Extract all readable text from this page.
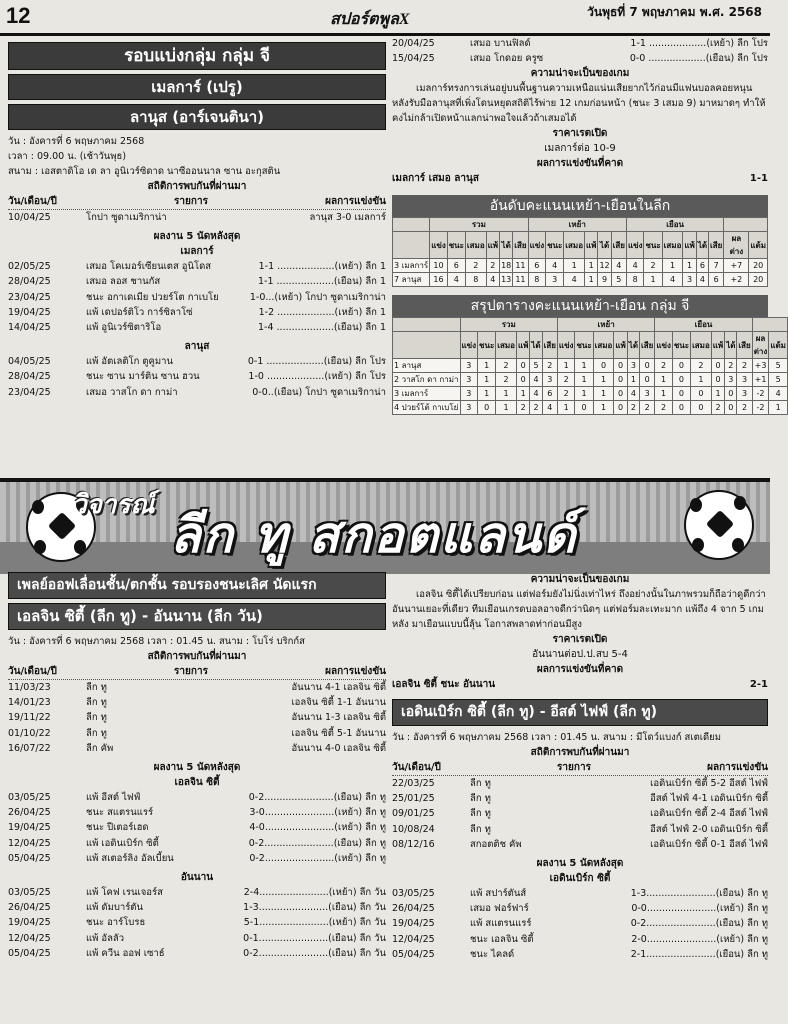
12	สปอร์ตพูลX	วันพุธที่ 7 พฤษภาคม พ.ศ. 2568
รอบแบ่งกลุ่ม กลุ่ม จี
เมลการ์ (เปรู)
ลานุส (อาร์เจนตินา)
วัน : อังคารที่ 6 พฤษภาคม 2568
เวลา : 09.00 น. (เช้าวันพุธ)
สนาม : เอสตาดิโอ เด ลา อูนิเวร์ซิดาด นาซีออนนาล ซาน อะกุสติน
สถิติการพบกันที่ผ่านมา
วัน/เดือน/ปี	รายการ	ผลการแข่งขัน
10/04/25	โกปา ซูดาเมริกาน่า	ลานุส 3-0 เมลการ์
ผลงาน 5 นัดหลังสุด
เมลการ์
02/05/25	เสมอ โคเมอร์เซียนเตส อูนิโดส	1-1 ...................(เหย้า) ลีก 1
28/04/25	เสมอ ลอส ชานกัส	1-1 ...................(เยือน) ลีก 1
23/04/25	ชนะ อกาเดเมีย ปวยร์โต กาเบโย	1-0...(เหย้า) โกปา ซูดาเมริกาน่า
19/04/25	แพ้ เดปอร์ติโว การ์ซิลาโซ่	1-2 ...................(เหย้า) ลีก 1
14/04/25	แพ้ อูนิเวร์ซิตาริโอ	1-4 ...................(เยือน) ลีก 1
ลานุส
04/05/25	แพ้ อัตเลติโก ตูคูมาน	0-1 ...................(เยือน) ลีก โปร
28/04/25	ชนะ ซาน มาร์ติน ซาน ฮวน	1-0 ...................(เหย้า) ลีก โปร
23/04/25	เสมอ วาสโก ดา กาม่า	0-0..(เยือน) โกปา ซูดาเมริกาน่า
20/04/25	เสมอ บานฟิลด์	1-1 ...................(เหย้า) ลีก โปร
15/04/25	เสมอ โกดอย ครูซ	0-0 ...................(เยือน) ลีก โปร
ความน่าจะเป็นของเกม
เมลการ์ทรงการเล่นอยู่บนพื้นฐานความเหนือแน่นเสียยากไว้ก่อนมีแฟนบอลคอยหนุนหลังรับมือลานุสที่เพิ่งโดนหยุดสถิติไร้พ่าย 12 เกมก่อนหน้า (ชนะ 3 เสมอ 9) มาหมาดๆ ทำให้คงไม่กล้าเปิดหน้าแลกน่าพอใจแล้วถ้าเสมอได้
ราคาเรตเปิด
เมลการ์ต่อ 10-9
ผลการแข่งขันที่คาด
เมลการ์ เสมอ ลานุส	1-1
อันดับคะแนนเหย้า-เยือนในลีก
	รวม						เหย้า						เยือน							
	แข่ง	ชนะ	เสมอ	แพ้	ได้	เสีย	แข่ง	ชนะ	เสมอ	แพ้	ได้	เสีย	แข่ง	ชนะ	เสมอ	แพ้	ได้	เสีย	ผลต่าง	แต้ม
3 เมลการ์	10	6	2	2	18	11	6	4	1	1	12	4	4	2	1	1	6	7	+7	20
7 ลานุส	16	4	8	4	13	11	8	3	4	1	9	5	8	1	4	3	4	6	+2	20
สรุปตารางคะแนนเหย้า-เยือน กลุ่ม จี
	รวม						เหย้า						เยือน							
	แข่ง	ชนะ	เสมอ	แพ้	ได้	เสีย	แข่ง	ชนะ	เสมอ	แพ้	ได้	เสีย	แข่ง	ชนะ	เสมอ	แพ้	ได้	เสีย	ผลต่าง	แต้ม
1 ลานุส	3	1	2	0	5	2	1	1	0	0	3	0	2	0	2	0	2	2	+3	5
2 วาสโก ดา กาม่า	3	1	2	0	4	3	2	1	1	0	1	0	1	0	1	0	3	3	+1	5
3 เมลการ์	3	1	1	1	4	6	2	1	1	0	4	3	1	0	0	1	0	3	-2	4
4 ปวยร์โต้ กาเบโย่	3	0	1	2	2	4	1	0	1	0	2	2	2	0	0	2	0	2	-2	1
วิจารณ์
ลีก ทู สกอตแลนด์
เพลย์ออฟเลื่อนชั้น/ตกชั้น รอบรองชนะเลิศ นัดแรก
เอลจิน ซิตี้ (ลีก ทู) - อันนาน (ลีก วัน)
วัน : อังคารที่ 6 พฤษภาคม 2568 เวลา : 01.45 น. สนาม : โบโร่ บริกก์ส
สถิติการพบกันที่ผ่านมา
วัน/เดือน/ปี	รายการ	ผลการแข่งขัน
11/03/23	ลีก ทู	อันนาน 4-1 เอลจิน ซิตี้
14/01/23	ลีก ทู	เอลจิน ซิตี้ 1-1 อันนาน
19/11/22	ลีก ทู	อันนาน 1-3 เอลจิน ซิตี้
01/10/22	ลีก ทู	เอลจิน ซิตี้ 5-1 อันนาน
16/07/22	ลีก คัพ	อันนาน 4-0 เอลจิน ซิตี้
ผลงาน 5 นัดหลังสุด
เอลจิน ซิตี้
03/05/25	แพ้ อีสต์ ไฟฟ์	0-2.......................(เยือน) ลีก ทู
26/04/25	ชนะ สแตรนแรร์	3-0.......................(เหย้า) ลีก ทู
19/04/25	ชนะ ปีเตอร์เฮด	4-0.......................(เหย้า) ลีก ทู
12/04/25	แพ้ เอดินเบิร์ก ซิตี้	0-2.......................(เยือน) ลีก ทู
05/04/25	แพ้ สเตอร์ลิง อัลเบี้ยน	0-2.......................(เหย้า) ลีก ทู
อันนาน
03/05/25	แพ้ โคฟ เรนเจอร์ส	2-4.......................(เหย้า) ลีก วัน
26/04/25	แพ้ ดัมบาร์ตัน	1-3.......................(เยือน) ลีก วัน
19/04/25	ชนะ อาร์โบรธ	5-1.......................(เหย้า) ลีก วัน
12/04/25	แพ้ อัลลัว	0-1.......................(เยือน) ลีก วัน
05/04/25	แพ้ ควีน ออฟ เซาธ์	0-2.......................(เยือน) ลีก วัน
ความน่าจะเป็นของเกม
เอลจิน ซิตี้ได้เปรียบก่อน แต่ฟอร์มยังไม่นิ่งเท่าไหร่ ถึงอย่างนั้นในภาพรวมก็ถือว่าดูดีกว่าอันนานเยอะที่เดียว ทีมเยือนเกรดบอลอาจดีกว่านิดๆ แต่ฟอร์มละเทะมาก แพ้ถึง 4 จาก 5 เกมหลัง มาเยือนแบบนี้ลุ้น โอกาสพลาดท่าก่อนมีสูง
ราคาเรตเปิด
อันนานต่อป.ป.สบ 5-4
ผลการแข่งขันที่คาด
เอลจิน ซิตี้ ชนะ อันนาน	2-1
เอดินเบิร์ก ซิตี้ (ลีก ทู) - อีสต์ ไฟฟ์ (ลีก ทู)
วัน : อังคารที่ 6 พฤษภาคม 2568 เวลา : 01.45 น. สนาม : มีโดว์แบงก์ สเตเดียม
สถิติการพบกันที่ผ่านมา
วัน/เดือน/ปี	รายการ	ผลการแข่งขัน
22/03/25	ลีก ทู	เอดินเบิร์ก ซิตี้ 5-2 อีสต์ ไฟฟ์
25/01/25	ลีก ทู	อีสต์ ไฟฟ์ 4-1 เอดินเบิร์ก ซิตี้
09/01/25	ลีก ทู	เอดินเบิร์ก ซิตี้ 2-4 อีสต์ ไฟฟ์
10/08/24	ลีก ทู	อีสต์ ไฟฟ์ 2-0 เอดินเบิร์ก ซิตี้
08/12/16	สกอตติช คัพ	เอดินเบิร์ก ซิตี้ 0-1 อีสต์ ไฟฟ์
ผลงาน 5 นัดหลังสุด
เอดินเบิร์ก ซิตี้
03/05/25	แพ้ สปาร์ตันส์	1-3.......................(เยือน) ลีก ทู
26/04/25	เสมอ ฟอร์ฟาร์	0-0.......................(เหย้า) ลีก ทู
19/04/25	แพ้ สแตรนแรร์	0-2.......................(เยือน) ลีก ทู
12/04/25	ชนะ เอลจิน ซิตี้	2-0.......................(เหย้า) ลีก ทู
05/04/25	ชนะ ไคลด์	2-1.......................(เยือน) ลีก ทู
